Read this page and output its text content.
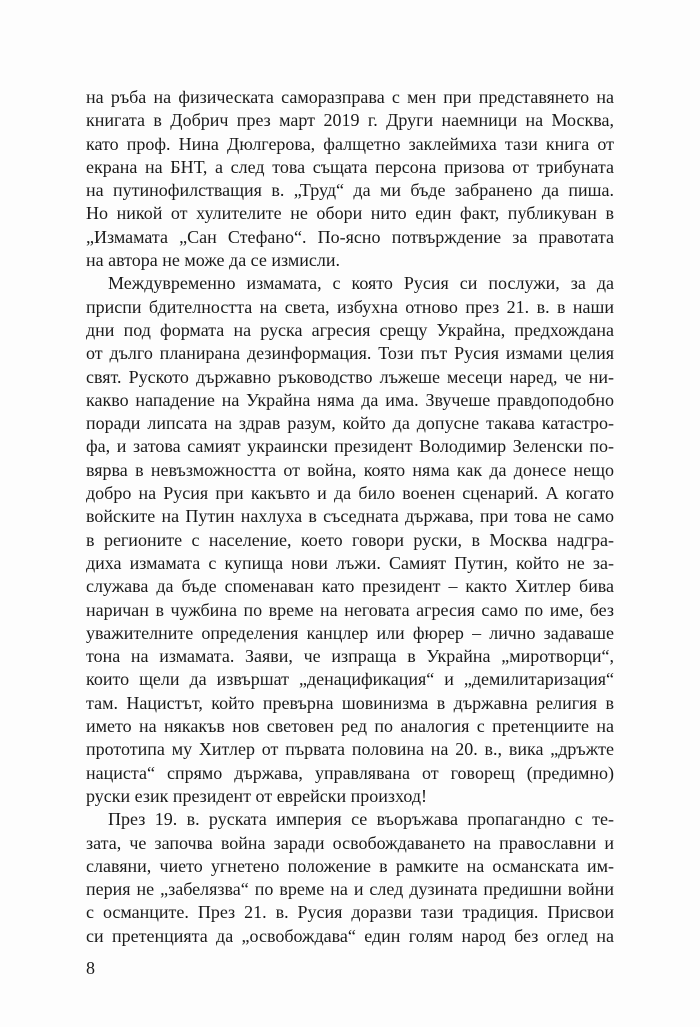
на ръба на физическата саморазправа с мен при представянето на
книгата в Добрич през март 2019 г. Други наемници на Москва,
като проф. Нина Дюлгерова, фалщетно заклеймиха тази книга от
екрана на БНТ, а след това същата персона призова от трибуната
на путинофилстващия в. „Труд“ да ми бъде забранено да пиша.
Но никой от хулителите не обори нито един факт, публикуван в
„Измамата „Сан Стефано“. По-ясно потвърждение за правотата
на автора не може да се измисли.
Междувременно измамата, с която Русия си послужи, за да
приспи бдителността на света, избухна отново през 21. в. в наши
дни под формата на руска агресия срещу Украйна, предхождана
от дълго планирана дезинформация. Този път Русия измами целия
свят. Руското държавно ръководство лъжеше месеци наред, че ни-
какво нападение на Украйна няма да има. Звучеше правдоподобно
поради липсата на здрав разум, който да допусне такава катастро-
фа, и затова самият украински президент Володимир Зеленски по-
вярва в невъзможността от война, която няма как да донесе нещо
добро на Русия при какъвто и да било военен сценарий. А когато
войските на Путин нахлуха в съседната държава, при това не само
в регионите с население, което говори руски, в Москва надгра-
диха измамата с купища нови лъжи. Самият Путин, който не за-
служава да бъде споменаван като президент – както Хитлер бива
наричан в чужбина по време на неговата агресия само по име, без
уважителните определения канцлер или фюрер – лично задаваше
тона на измамата. Заяви, че изпраща в Украйна „миротворци“,
които щели да извършат „денацификация“ и „демилитаризация“
там. Нацистът, който превърна шовинизма в държавна религия в
името на някакъв нов световен ред по аналогия с претенциите на
прототипа му Хитлер от първата половина на 20. в., вика „дръжте
нациста“ спрямо държава, управлявана от говорещ (предимно)
руски език президент от еврейски произход!
През 19. в. руската империя се въоръжава пропагандно с те-
зата, че започва война заради освобождаването на православни и
славяни, чието угнетено положение в рамките на османската им-
перия не „забелязва“ по време на и след дузината предишни войни
с османците. През 21. в. Русия доразви тази традиция. Присвои
си претенцията да „освобождава“ един голям народ без оглед на
8
